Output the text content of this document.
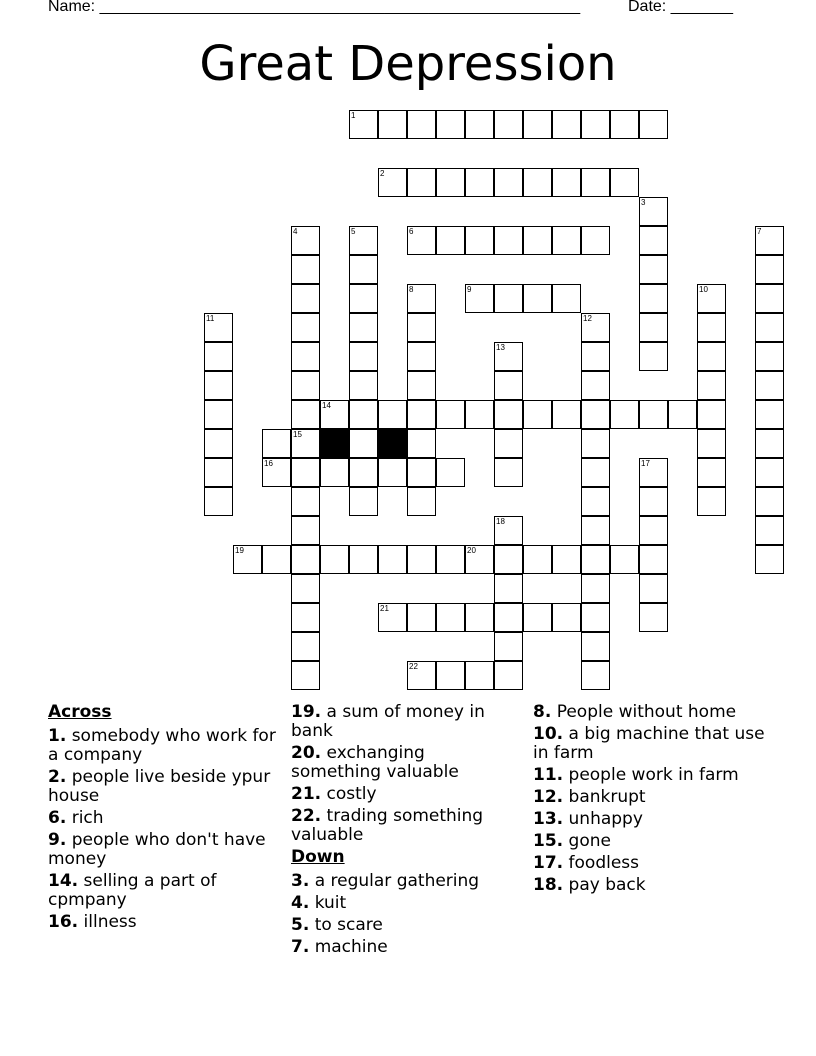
Name: ______________________________________________________	Date: _______
Great Depression
1
2
3
4	5	6	7
8	9	10
11	12
13
14
15
16	17
18
19	20
21
22
Across
1. somebody who work for a company
2. people live beside ypur house
6. rich
9. people who don't have money
14. selling a part of cpmpany
16. illness
19. a sum of money in bank
20. exchanging something valuable
21. costly
22. trading something valuable
Down
3. a regular gathering
4. kuit
5. to scare
7. machine
8. People without home
10. a big machine that use in farm
11. people work in farm
12. bankrupt
13. unhappy
15. gone
17. foodless
18. pay back
